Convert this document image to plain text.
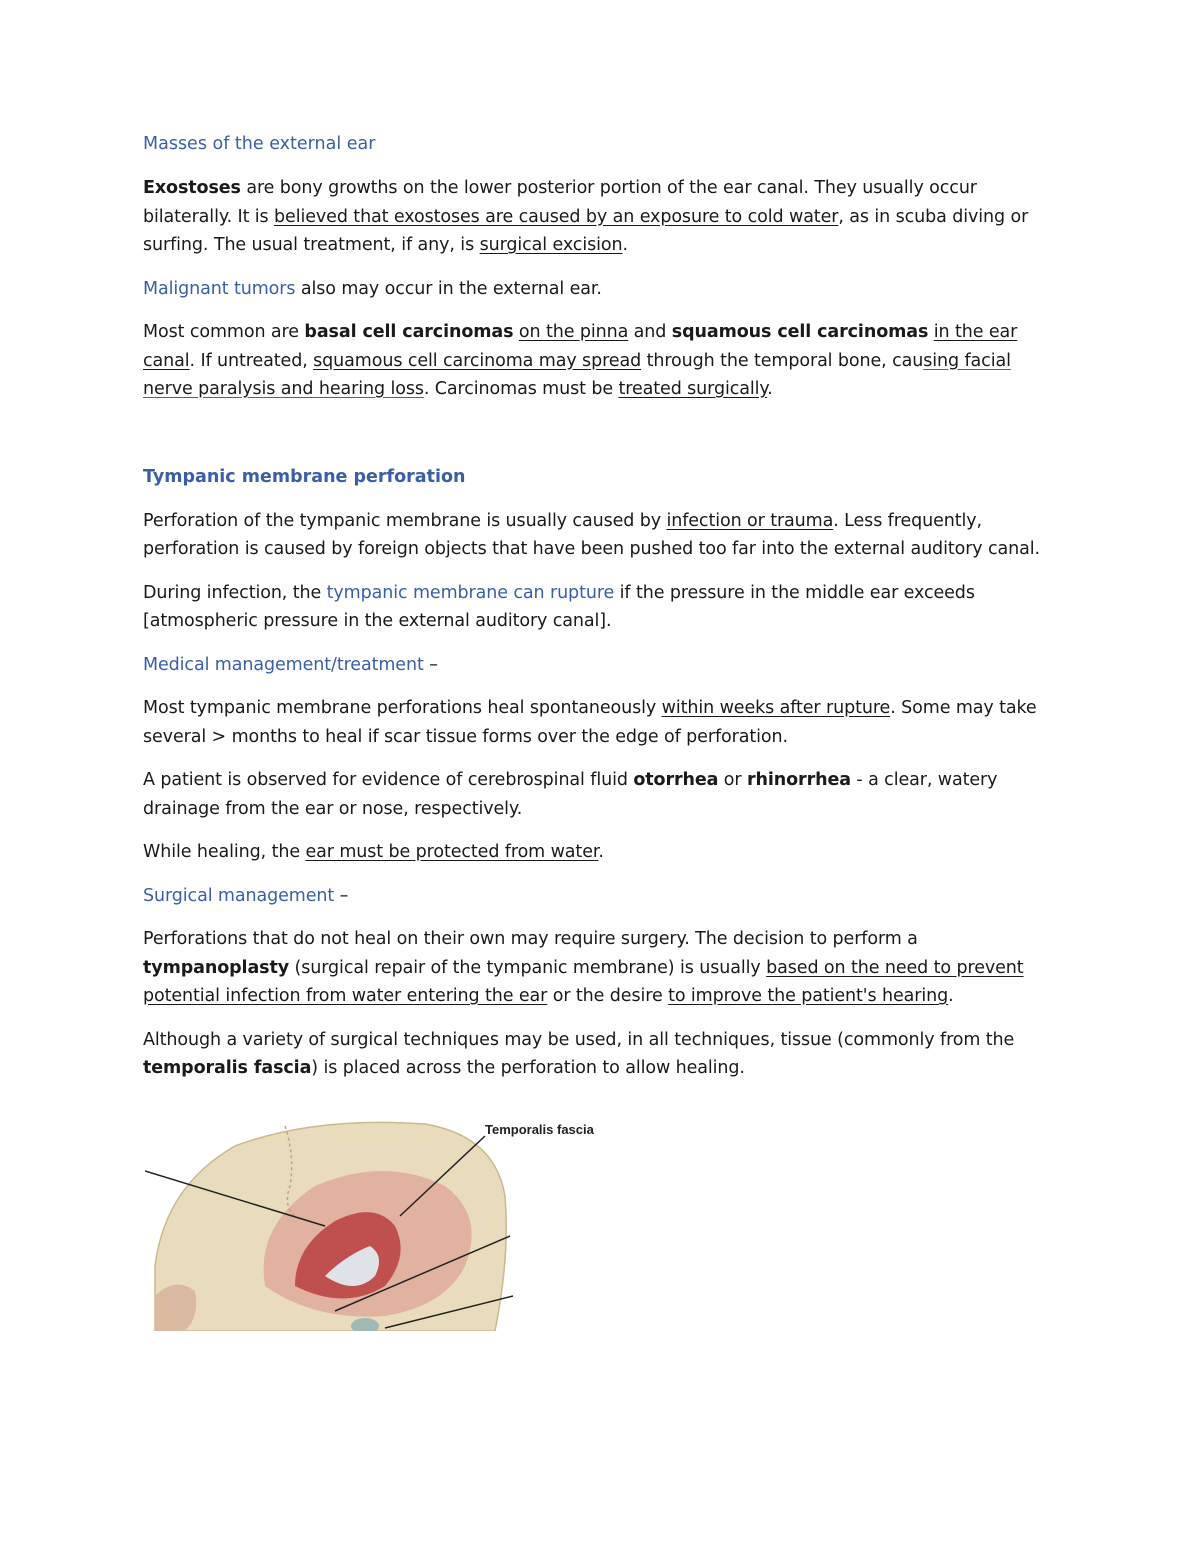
Masses of the external ear

Exostoses are bony growths on the lower posterior portion of the ear canal. They usually occur bilaterally. It is believed that exostoses are caused by an exposure to cold water, as in scuba diving or surfing. The usual treatment, if any, is surgical excision.

Malignant tumors also may occur in the external ear.

Most common are basal cell carcinomas on the pinna and squamous cell carcinomas in the ear canal. If untreated, squamous cell carcinoma may spread through the temporal bone, causing facial nerve paralysis and hearing loss. Carcinomas must be treated surgically.

Tympanic membrane perforation

Perforation of the tympanic membrane is usually caused by infection or trauma. Less frequently, perforation is caused by foreign objects that have been pushed too far into the external auditory canal.

During infection, the tympanic membrane can rupture if the pressure in the middle ear exceeds [atmospheric pressure in the external auditory canal].

Medical management/treatment –

Most tympanic membrane perforations heal spontaneously within weeks after rupture. Some may take several > months to heal if scar tissue forms over the edge of perforation.

A patient is observed for evidence of cerebrospinal fluid otorrhea or rhinorrhea - a clear, watery drainage from the ear or nose, respectively.

While healing, the ear must be protected from water.

Surgical management –

Perforations that do not heal on their own may require surgery. The decision to perform a tympanoplasty (surgical repair of the tympanic membrane) is usually based on the need to prevent potential infection from water entering the ear or the desire to improve the patient's hearing.

Although a variety of surgical techniques may be used, in all techniques, tissue (commonly from the temporalis fascia) is placed across the perforation to allow healing.

Temporalis fascia
